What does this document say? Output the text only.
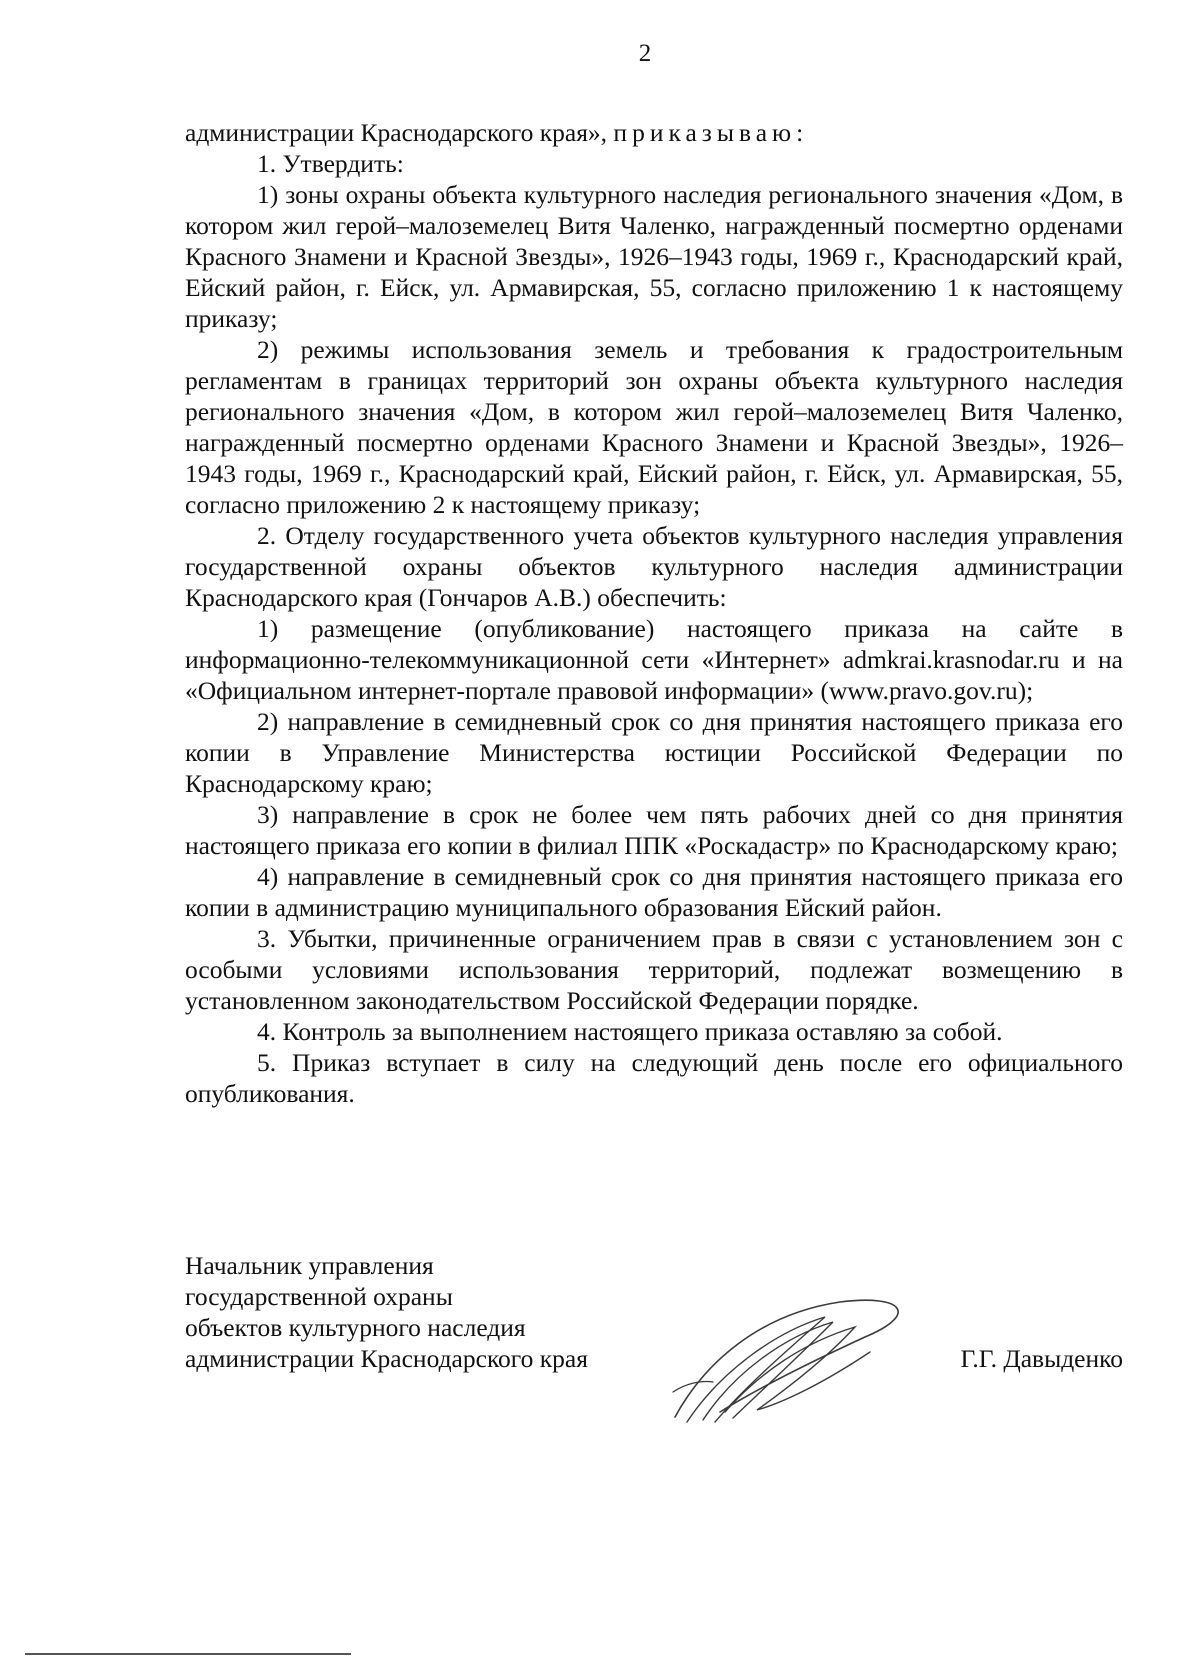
2

администрации Краснодарского края», приказываю:

1. Утвердить:

1) зоны охраны объекта культурного наследия регионального значения «Дом, в котором жил герой–малоземелец Витя Чаленко, награжденный посмертно орденами Красного Знамени и Красной Звезды», 1926–1943 годы, 1969 г., Краснодарский край, Ейский район, г. Ейск, ул. Армавирская, 55, согласно приложению 1 к настоящему приказу;

2) режимы использования земель и требования к градостроительным регламентам в границах территорий зон охраны объекта культурного наследия регионального значения «Дом, в котором жил герой–малоземелец Витя Чаленко, награжденный посмертно орденами Красного Знамени и Красной Звезды», 1926–1943 годы, 1969 г., Краснодарский край, Ейский район, г. Ейск, ул. Армавирская, 55, согласно приложению 2 к настоящему приказу;

2. Отделу государственного учета объектов культурного наследия управления государственной охраны объектов культурного наследия администрации Краснодарского края (Гончаров А.В.) обеспечить:

1) размещение (опубликование) настоящего приказа на сайте в информационно-телекоммуникационной сети «Интернет» admkrai.krasnodar.ru и на «Официальном интернет-портале правовой информации» (www.pravo.gov.ru);

2) направление в семидневный срок со дня принятия настоящего приказа его копии в Управление Министерства юстиции Российской Федерации по Краснодарскому краю;

3) направление в срок не более чем пять рабочих дней со дня принятия настоящего приказа его копии в филиал ППК «Роскадастр» по Краснодарскому краю;

4) направление в семидневный срок со дня принятия настоящего приказа его копии в администрацию муниципального образования Ейский район.

3. Убытки, причиненные ограничением прав в связи с установлением зон с особыми условиями использования территорий, подлежат возмещению в установленном законодательством Российской Федерации порядке.

4. Контроль за выполнением настоящего приказа оставляю за собой.

5. Приказ вступает в силу на следующий день после его официального опубликования.

Начальник управления
государственной охраны
объектов культурного наследия
администрации Краснодарского края	Г.Г. Давыденко
